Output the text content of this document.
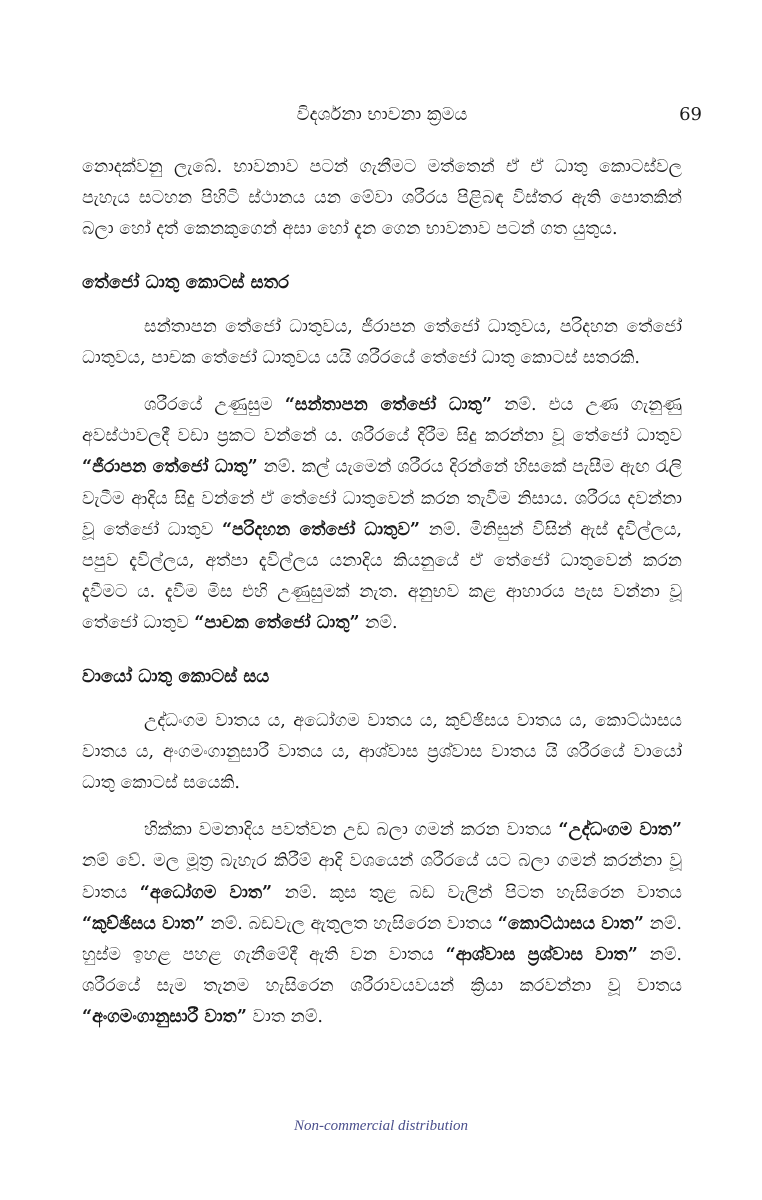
විදර්ශනා භාවනා ක්‍රමය	69

නොදක්වනු ලැබේ. භාවනාව පටන් ගැනීමට මත්තෙන් ඒ ඒ ධාතු කොටස්වල පැහැය සටහන පිහිටි ස්ථානය යන මේවා ශරීරය පිළිබඳ විස්තර ඇති පොතකින් බලා හෝ දත් කෙනකුගෙන් අසා හෝ දැන ගෙන භාවනාව පටන් ගත යුතුය.

තේජෝ ධාතු කොටස් සතර

සන්තාපන තේජෝ ධාතුවය, ජීරාපන තේජෝ ධාතුවය, පරිදහන තේජෝ ධාතුවය, පාචක තේජෝ ධාතුවය යයි ශරීරයේ තේජෝ ධාතු කොටස් සතරකි.

ශරීරයේ උණුසුම “සන්තාපන තේජෝ ධාතු” නම්. එය උණ ගැනුණු අවස්ථාවලදී වඩා ප්‍රකට වන්නේ ය. ශරීරයේ දිරීම සිදු කරන්නා වූ තේජෝ ධාතුව “ජීරාපන තේජෝ ධාතු” නම්. කල් යැමෙන් ශරීරය දිරන්නේ හිසකේ පැසීම ඇඟ රැලි වැටීම ආදිය සිදු වන්නේ ඒ තේජෝ ධාතුවෙන් කරන තැවීම නිසාය. ශරීරය දවන්නා වූ තේජෝ ධාතුව “පරිදහන තේජෝ ධාතුව” නම්. මිනිසුන් විසින් ඇස් දැවිල්ලය, පපුව දැවිල්ලය, අත්පා දැවිල්ලය යනාදිය කියනුයේ ඒ තේජෝ ධාතුවෙන් කරන දැවීමට ය. දැවීම මිස එහි උණුසුමක් නැත. අනුභව කළ ආහාරය පැස වන්නා වූ තේජෝ ධාතුව “පාචක තේජෝ ධාතු” නම්.

වායෝ ධාතු කොටස් සය

උද්ධංගම වාතය ය, අධෝගම වාතය ය, කුච්ඡිසය වාතය ය, කොට්ඨාසය වාතය ය, අංගමංගානුසාරී වාතය ය, ආශ්වාස ප්‍රශ්වාස වාතය යි ශරීරයේ වායෝ ධාතු කොටස් සයෙකි.

හික්කා වමනාදිය පවත්වන උඩ බලා ගමන් කරන වාතය “උද්ධංගම වාත” නම් වේ. මල මූත්‍ර බැහැර කිරීම් ආදි වශයෙන් ශරීරයේ යට බලා ගමන් කරන්නා වූ වාතය “අධෝගම වාත” නම්. කුස තුළ බඩ වැලින් පිටත හැසිරෙන වාතය “කුච්ඡිසය වාත” නම්. බඩවැල ඇතුලත හැසිරෙන වාතය “කොට්ඨාසය වාත” නම්. හුස්ම ඉහළ පහළ ගැනීමේදී ඇති වන වාතය “ආශ්වාස ප්‍රශ්වාස වාත” නම්. ශරීරයේ සැම තැනම හැසිරෙන ශරීරාවයවයන් ක්‍රියා කරවන්නා වූ වාතය “අංගමංගානුසාරී වාත” වාත නම්.

Non-commercial distribution
